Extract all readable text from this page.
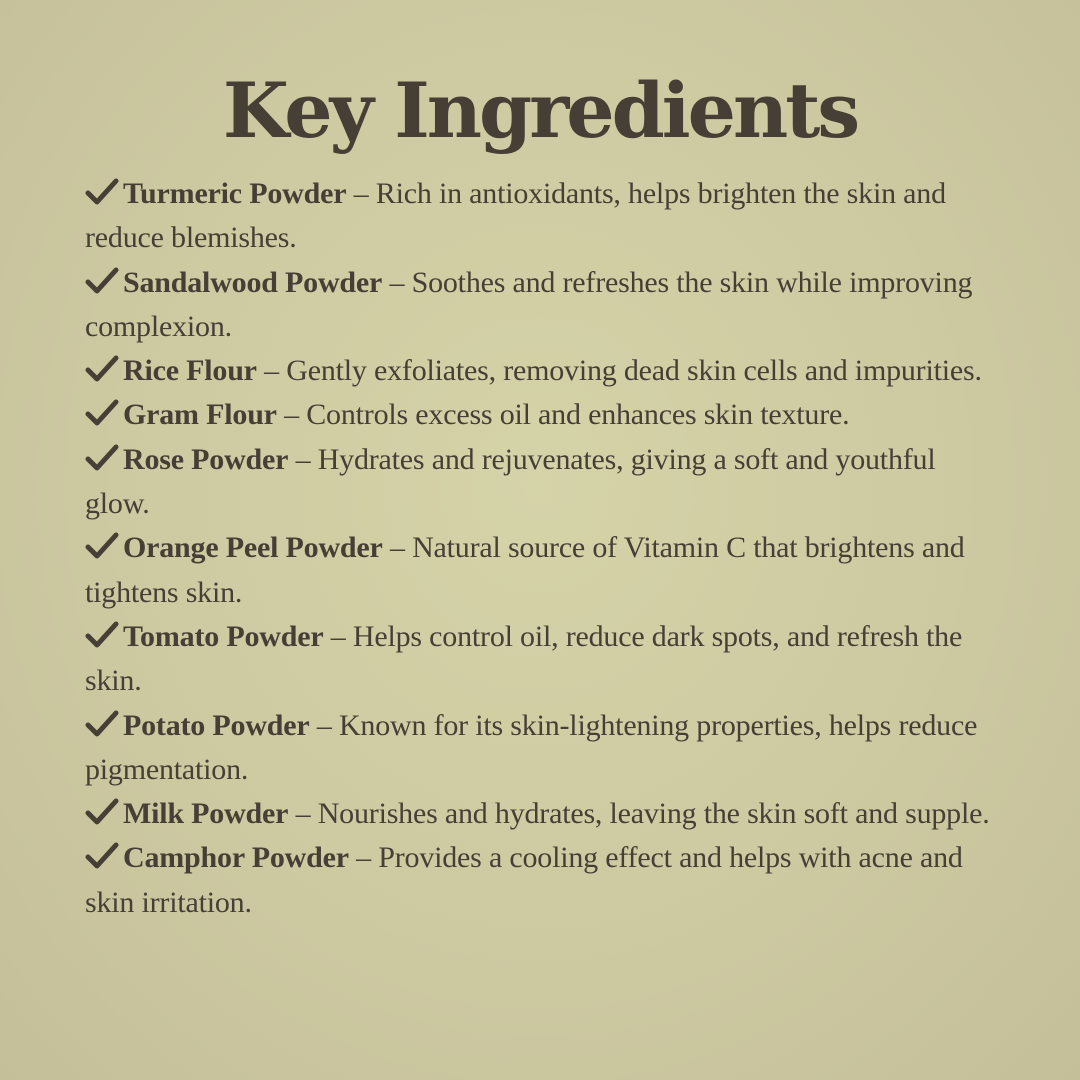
Key Ingredients
Turmeric Powder – Rich in antioxidants, helps brighten the skin and reduce blemishes.
Sandalwood Powder – Soothes and refreshes the skin while improving complexion.
Rice Flour – Gently exfoliates, removing dead skin cells and impurities.
Gram Flour – Controls excess oil and enhances skin texture.
Rose Powder – Hydrates and rejuvenates, giving a soft and youthful glow.
Orange Peel Powder – Natural source of Vitamin C that brightens and tightens skin.
Tomato Powder – Helps control oil, reduce dark spots, and refresh the skin.
Potato Powder – Known for its skin-lightening properties, helps reduce pigmentation.
Milk Powder – Nourishes and hydrates, leaving the skin soft and supple.
Camphor Powder – Provides a cooling effect and helps with acne and skin irritation.
